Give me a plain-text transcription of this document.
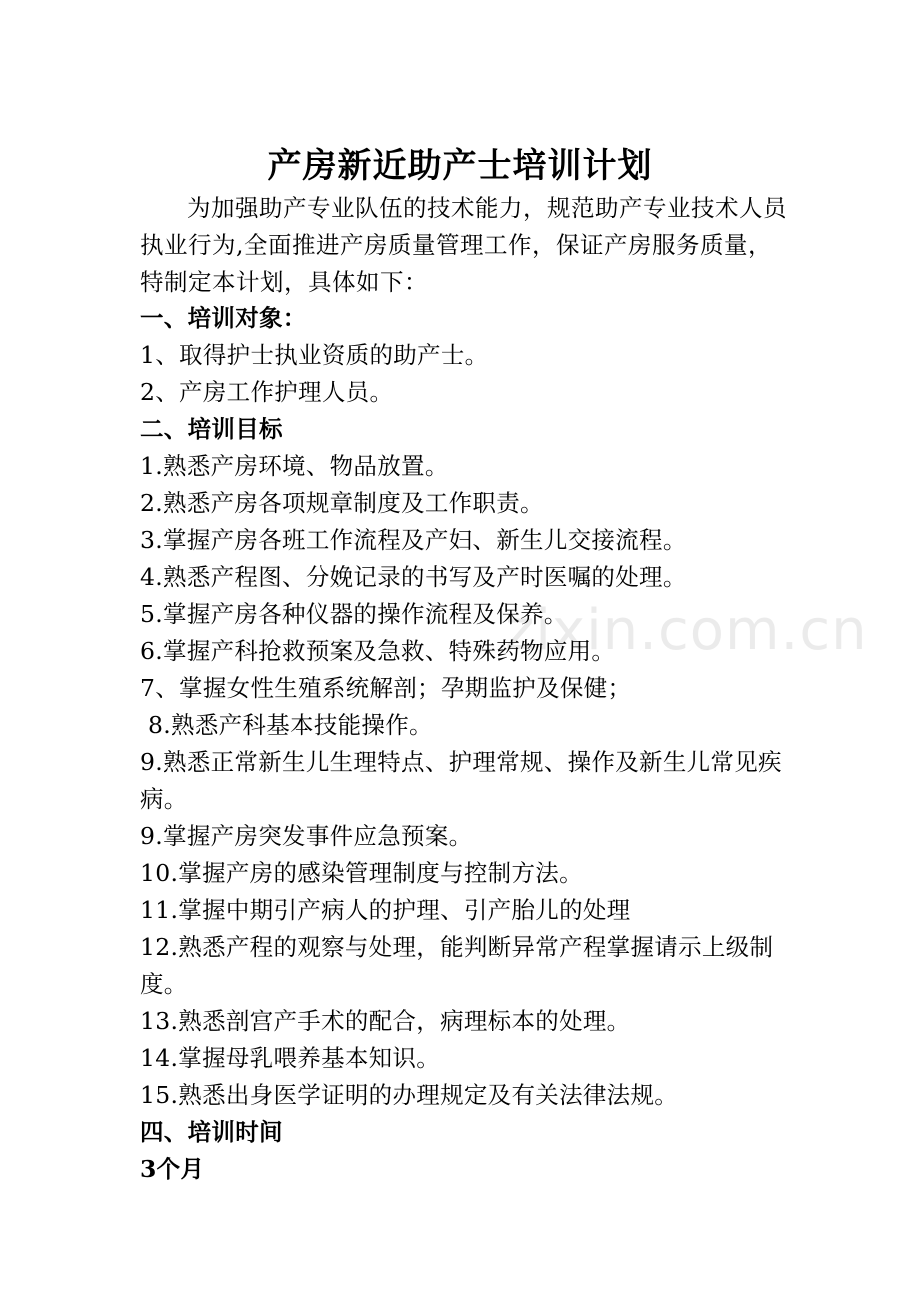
产房新近助产士培训计划
为加强助产专业队伍的技术能力，规范助产专业技术人员执业行为,全面推进产房质量管理工作，保证产房服务质量，特制定本计划，具体如下：
一、培训对象：
1、取得护士执业资质的助产士。
2、产房工作护理人员。
二、培训目标
1.熟悉产房环境、物品放置。
2.熟悉产房各项规章制度及工作职责。
3.掌握产房各班工作流程及产妇、新生儿交接流程。
4.熟悉产程图、分娩记录的书写及产时医嘱的处理。
5.掌握产房各种仪器的操作流程及保养。
6.掌握产科抢救预案及急救、特殊药物应用。
7、掌握女性生殖系统解剖；孕期监护及保健；
8.熟悉产科基本技能操作。
9.熟悉正常新生儿生理特点、护理常规、操作及新生儿常见疾病。
9.掌握产房突发事件应急预案。
10.掌握产房的感染管理制度与控制方法。
11.掌握中期引产病人的护理、引产胎儿的处理
12.熟悉产程的观察与处理，能判断异常产程掌握请示上级制度。
13.熟悉剖宫产手术的配合，病理标本的处理。
14.掌握母乳喂养基本知识。
15.熟悉出身医学证明的办理规定及有关法律法规。
四、培训时间
3个月
zixin.com.cn
